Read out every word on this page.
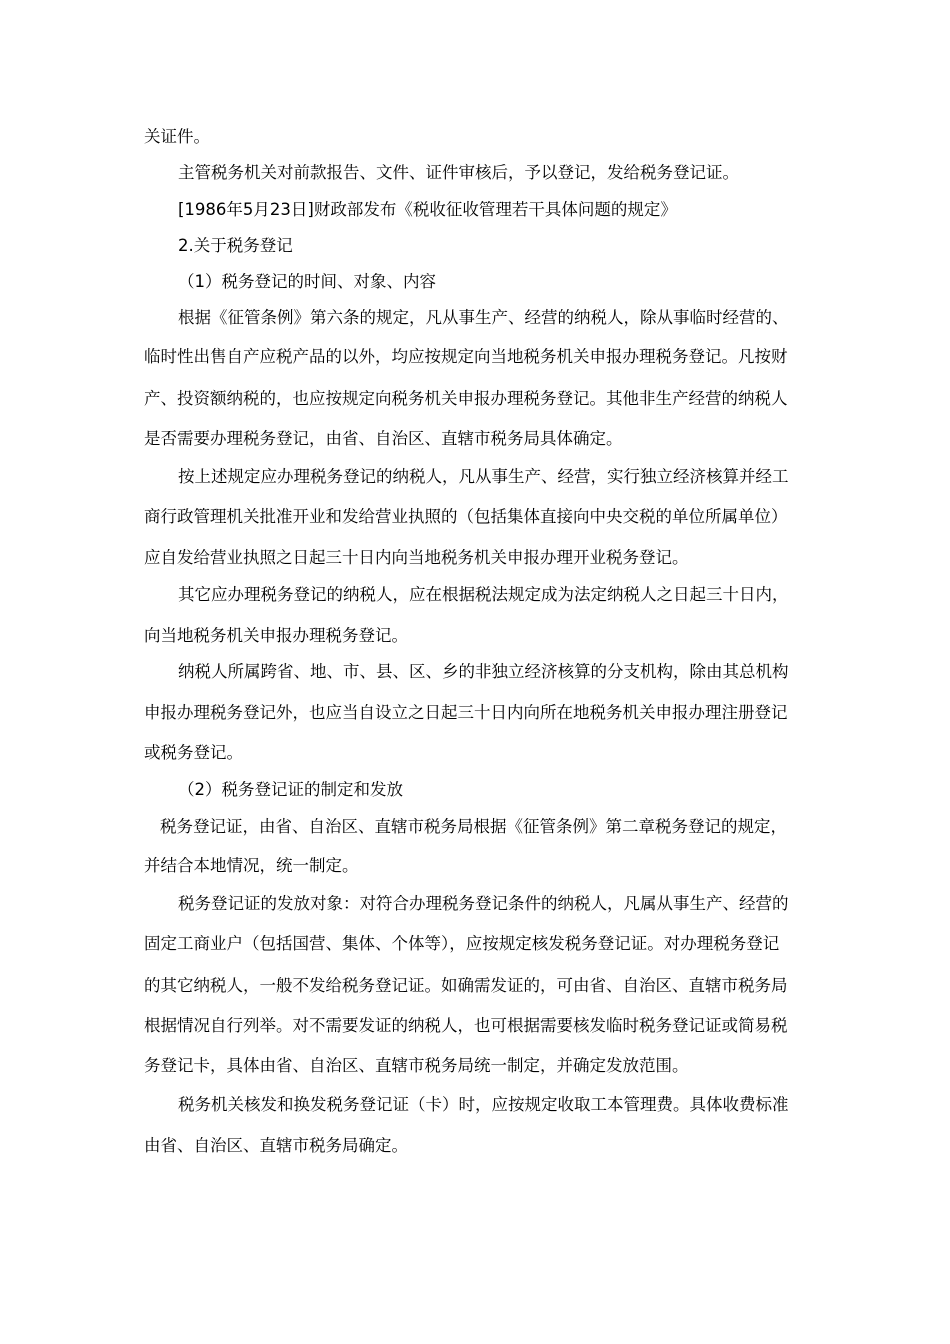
关证件。

主管税务机关对前款报告、文件、证件审核后，予以登记，发给税务登记证。

[1986年5月23日]财政部发布《税收征收管理若干具体问题的规定》

2.关于税务登记

（1）税务登记的时间、对象、内容

根据《征管条例》第六条的规定，凡从事生产、经营的纳税人，除从事临时经营的、

临时性出售自产应税产品的以外，均应按规定向当地税务机关申报办理税务登记。凡按财

产、投资额纳税的，也应按规定向税务机关申报办理税务登记。其他非生产经营的纳税人

是否需要办理税务登记，由省、自治区、直辖市税务局具体确定。

按上述规定应办理税务登记的纳税人，凡从事生产、经营，实行独立经济核算并经工

商行政管理机关批准开业和发给营业执照的（包括集体直接向中央交税的单位所属单位）

应自发给营业执照之日起三十日内向当地税务机关申报办理开业税务登记。

其它应办理税务登记的纳税人，应在根据税法规定成为法定纳税人之日起三十日内，

向当地税务机关申报办理税务登记。

纳税人所属跨省、地、市、县、区、乡的非独立经济核算的分支机构，除由其总机构

申报办理税务登记外，也应当自设立之日起三十日内向所在地税务机关申报办理注册登记

或税务登记。

（2）税务登记证的制定和发放

税务登记证，由省、自治区、直辖市税务局根据《征管条例》第二章税务登记的规定，

并结合本地情况，统一制定。

税务登记证的发放对象：对符合办理税务登记条件的纳税人，凡属从事生产、经营的

固定工商业户（包括国营、集体、个体等），应按规定核发税务登记证。对办理税务登记

的其它纳税人，一般不发给税务登记证。如确需发证的，可由省、自治区、直辖市税务局

根据情况自行列举。对不需要发证的纳税人，也可根据需要核发临时税务登记证或简易税

务登记卡，具体由省、自治区、直辖市税务局统一制定，并确定发放范围。

税务机关核发和换发税务登记证（卡）时，应按规定收取工本管理费。具体收费标准

由省、自治区、直辖市税务局确定。
